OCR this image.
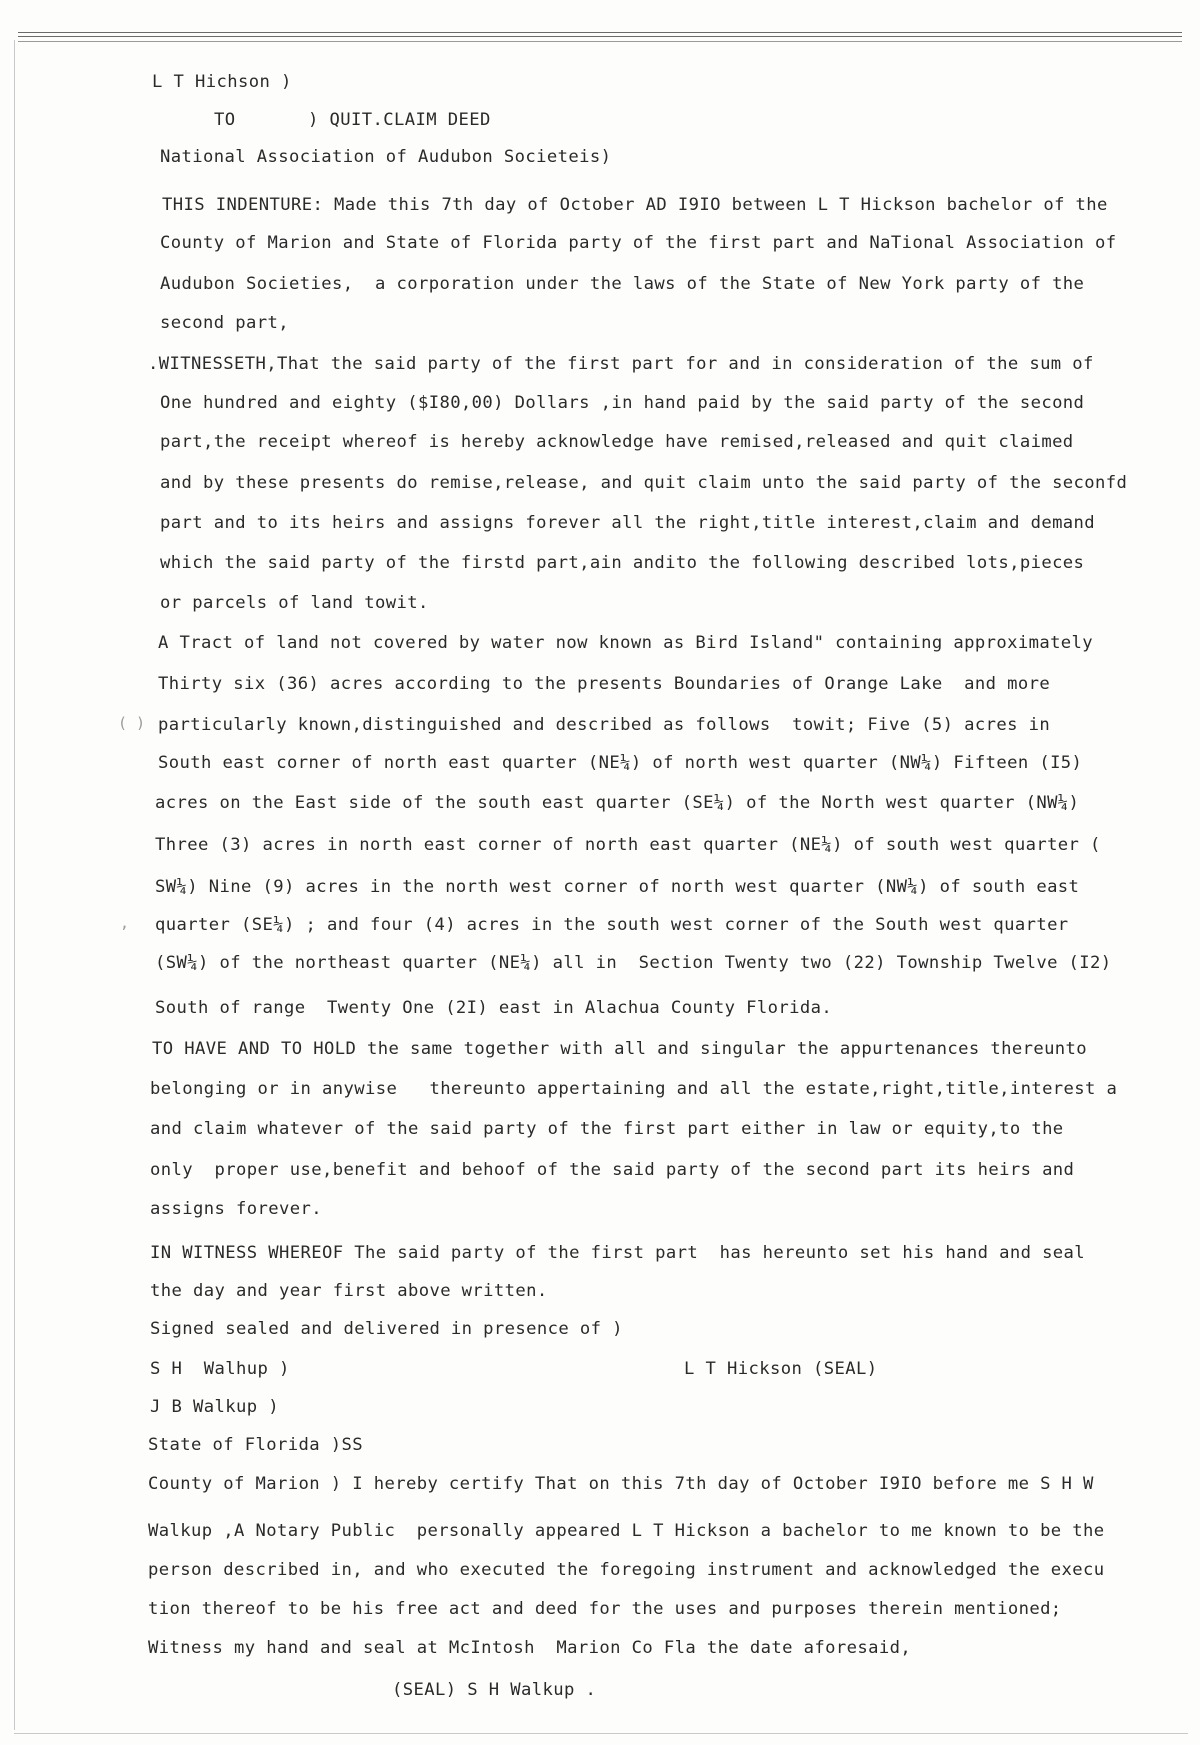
L T Hichson )
TO	) QUIT.CLAIM DEED
National Association of Audubon Societeis)
THIS INDENTURE: Made this 7th day of October AD I9IO between L T Hickson bachelor of the
County of Marion and State of Florida party of the first part and NaTional Association of
Audubon Societies,  a corporation under the laws of the State of New York party of the
second part,
.WITNESSETH,That the said party of the first part for and in consideration of the sum of
One hundred and eighty ($I80,00) Dollars ,in hand paid by the said party of the second
part,the receipt whereof is hereby acknowledge have remised,released and quit claimed
and by these presents do remise,release, and quit claim unto the said party of the seconfd
part and to its heirs and assigns forever all the right,title interest,claim and demand
which the said party of the firstd part,ain andito the following described lots,pieces
or parcels of land towit.
A Tract of land not covered by water now known as Bird Island" containing approximately
Thirty six (36) acres according to the presents Boundaries of Orange Lake  and more
( ) particularly known,distinguished and described as follows  towit; Five (5) acres in
South east corner of north east quarter (NE¼) of north west quarter (NW¼) Fifteen (I5)
acres on the East side of the south east quarter (SE¼) of the North west quarter (NW¼)
Three (3) acres in north east corner of north east quarter (NE¼) of south west quarter (
SW¼) Nine (9) acres in the north west corner of north west quarter (NW¼) of south east
, quarter (SE¼) ; and four (4) acres in the south west corner of the South west quarter
(SW¼) of the northeast quarter (NE¼) all in  Section Twenty two (22) Township Twelve (I2)
South of range  Twenty One (2I) east in Alachua County Florida.
TO HAVE AND TO HOLD the same together with all and singular the appurtenances thereunto
belonging or in anywise   thereunto appertaining and all the estate,right,title,interest a
and claim whatever of the said party of the first part either in law or equity,to the
only  proper use,benefit and behoof of the said party of the second part its heirs and
assigns forever.
IN WITNESS WHEREOF The said party of the first part  has hereunto set his hand and seal
the day and year first above written.
Signed sealed and delivered in presence of )
S H  Walhup )	L T Hickson (SEAL)
J B Walkup )
State of Florida )SS
County of Marion ) I hereby certify That on this 7th day of October I9IO before me S H W
Walkup ,A Notary Public  personally appeared L T Hickson a bachelor to me known to be the
person described in, and who executed the foregoing instrument and acknowledged the execu
tion thereof to be his free act and deed for the uses and purposes therein mentioned;
Witness my hand and seal at McIntosh  Marion Co Fla the date aforesaid,
(SEAL) S H Walkup .
